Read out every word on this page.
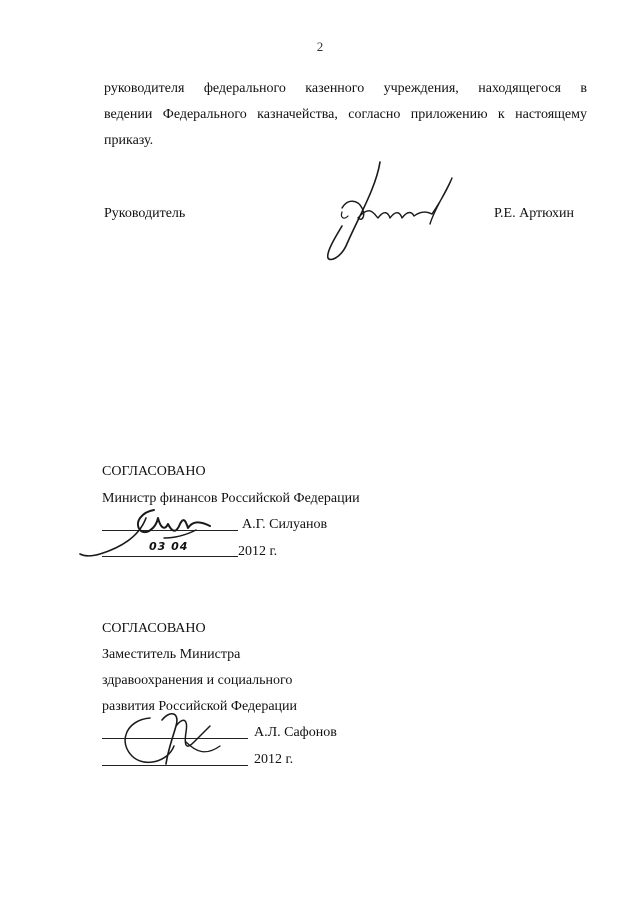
2
руководителя федерального казенного учреждения, находящегося в
ведении Федерального казначейства, согласно приложению к настоящему
приказу.
Руководитель	Р.Е. Артюхин
СОГЛАСОВАНО
Министр финансов Российской Федерации
А.Г. Силуанов
03 04	2012 г.
СОГЛАСОВАНО
Заместитель Министра
здравоохранения и социального
развития Российской Федерации
А.Л. Сафонов
2012 г.
